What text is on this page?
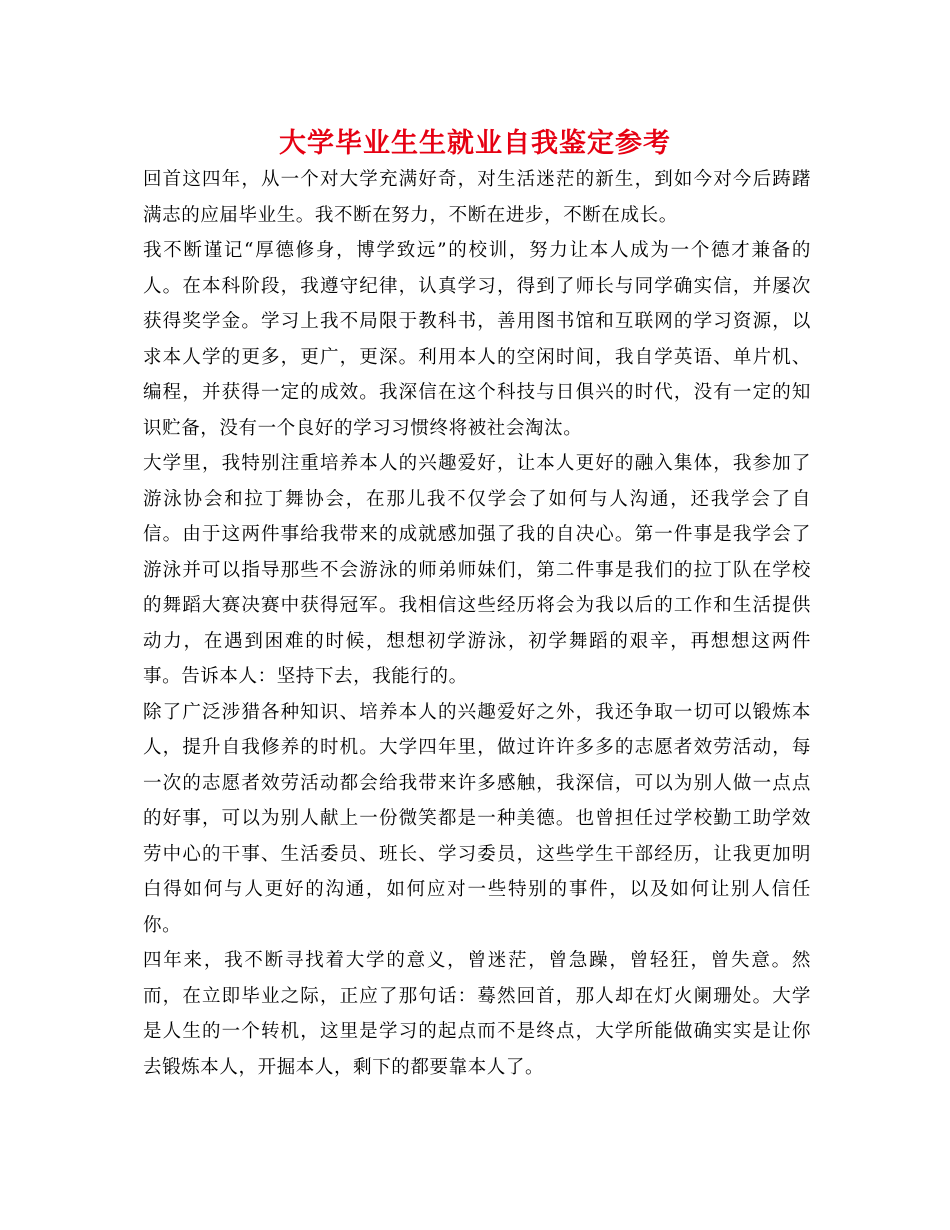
大学毕业生生就业自我鉴定参考

回首这四年，从一个对大学充满好奇，对生活迷茫的新生，到如今对今后踌躇满志的应届毕业生。我不断在努力，不断在进步，不断在成长。

我不断谨记“厚德修身，博学致远”的校训，努力让本人成为一个德才兼备的人。在本科阶段，我遵守纪律，认真学习，得到了师长与同学确实信，并屡次获得奖学金。学习上我不局限于教科书，善用图书馆和互联网的学习资源，以求本人学的更多，更广，更深。利用本人的空闲时间，我自学英语、单片机、编程，并获得一定的成效。我深信在这个科技与日俱兴的时代，没有一定的知识贮备，没有一个良好的学习习惯终将被社会淘汰。

大学里，我特别注重培养本人的兴趣爱好，让本人更好的融入集体，我参加了游泳协会和拉丁舞协会，在那儿我不仅学会了如何与人沟通，还我学会了自信。由于这两件事给我带来的成就感加强了我的自决心。第一件事是我学会了游泳并可以指导那些不会游泳的师弟师妹们，第二件事是我们的拉丁队在学校的舞蹈大赛决赛中获得冠军。我相信这些经历将会为我以后的工作和生活提供动力，在遇到困难的时候，想想初学游泳，初学舞蹈的艰辛，再想想这两件事。告诉本人：坚持下去，我能行的。

除了广泛涉猎各种知识、培养本人的兴趣爱好之外，我还争取一切可以锻炼本人，提升自我修养的时机。大学四年里，做过许许多多的志愿者效劳活动，每一次的志愿者效劳活动都会给我带来许多感触，我深信，可以为别人做一点点的好事，可以为别人献上一份微笑都是一种美德。也曾担任过学校勤工助学效劳中心的干事、生活委员、班长、学习委员，这些学生干部经历，让我更加明白得如何与人更好的沟通，如何应对一些特别的事件，以及如何让别人信任你。

四年来，我不断寻找着大学的意义，曾迷茫，曾急躁，曾轻狂，曾失意。然而，在立即毕业之际，正应了那句话：蓦然回首，那人却在灯火阑珊处。大学是人生的一个转机，这里是学习的起点而不是终点，大学所能做确实实是让你去锻炼本人，开掘本人，剩下的都要靠本人了。
